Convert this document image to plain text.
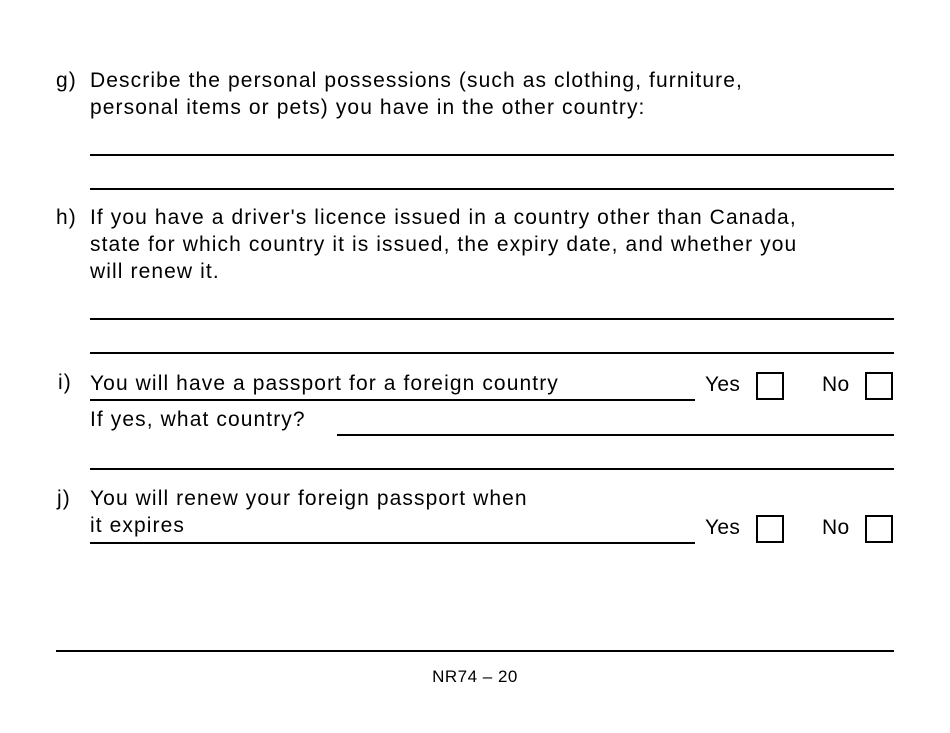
g) Describe the personal possessions (such as clothing, furniture,
personal items or pets) you have in the other country:
h) If you have a driver's licence issued in a country other than Canada,
state for which country it is issued, the expiry date, and whether you
will renew it.
i) You will have a passport for a foreign country	Yes	No
If yes, what country?
j) You will renew your foreign passport when
it expires	Yes	No
NR74 – 20
